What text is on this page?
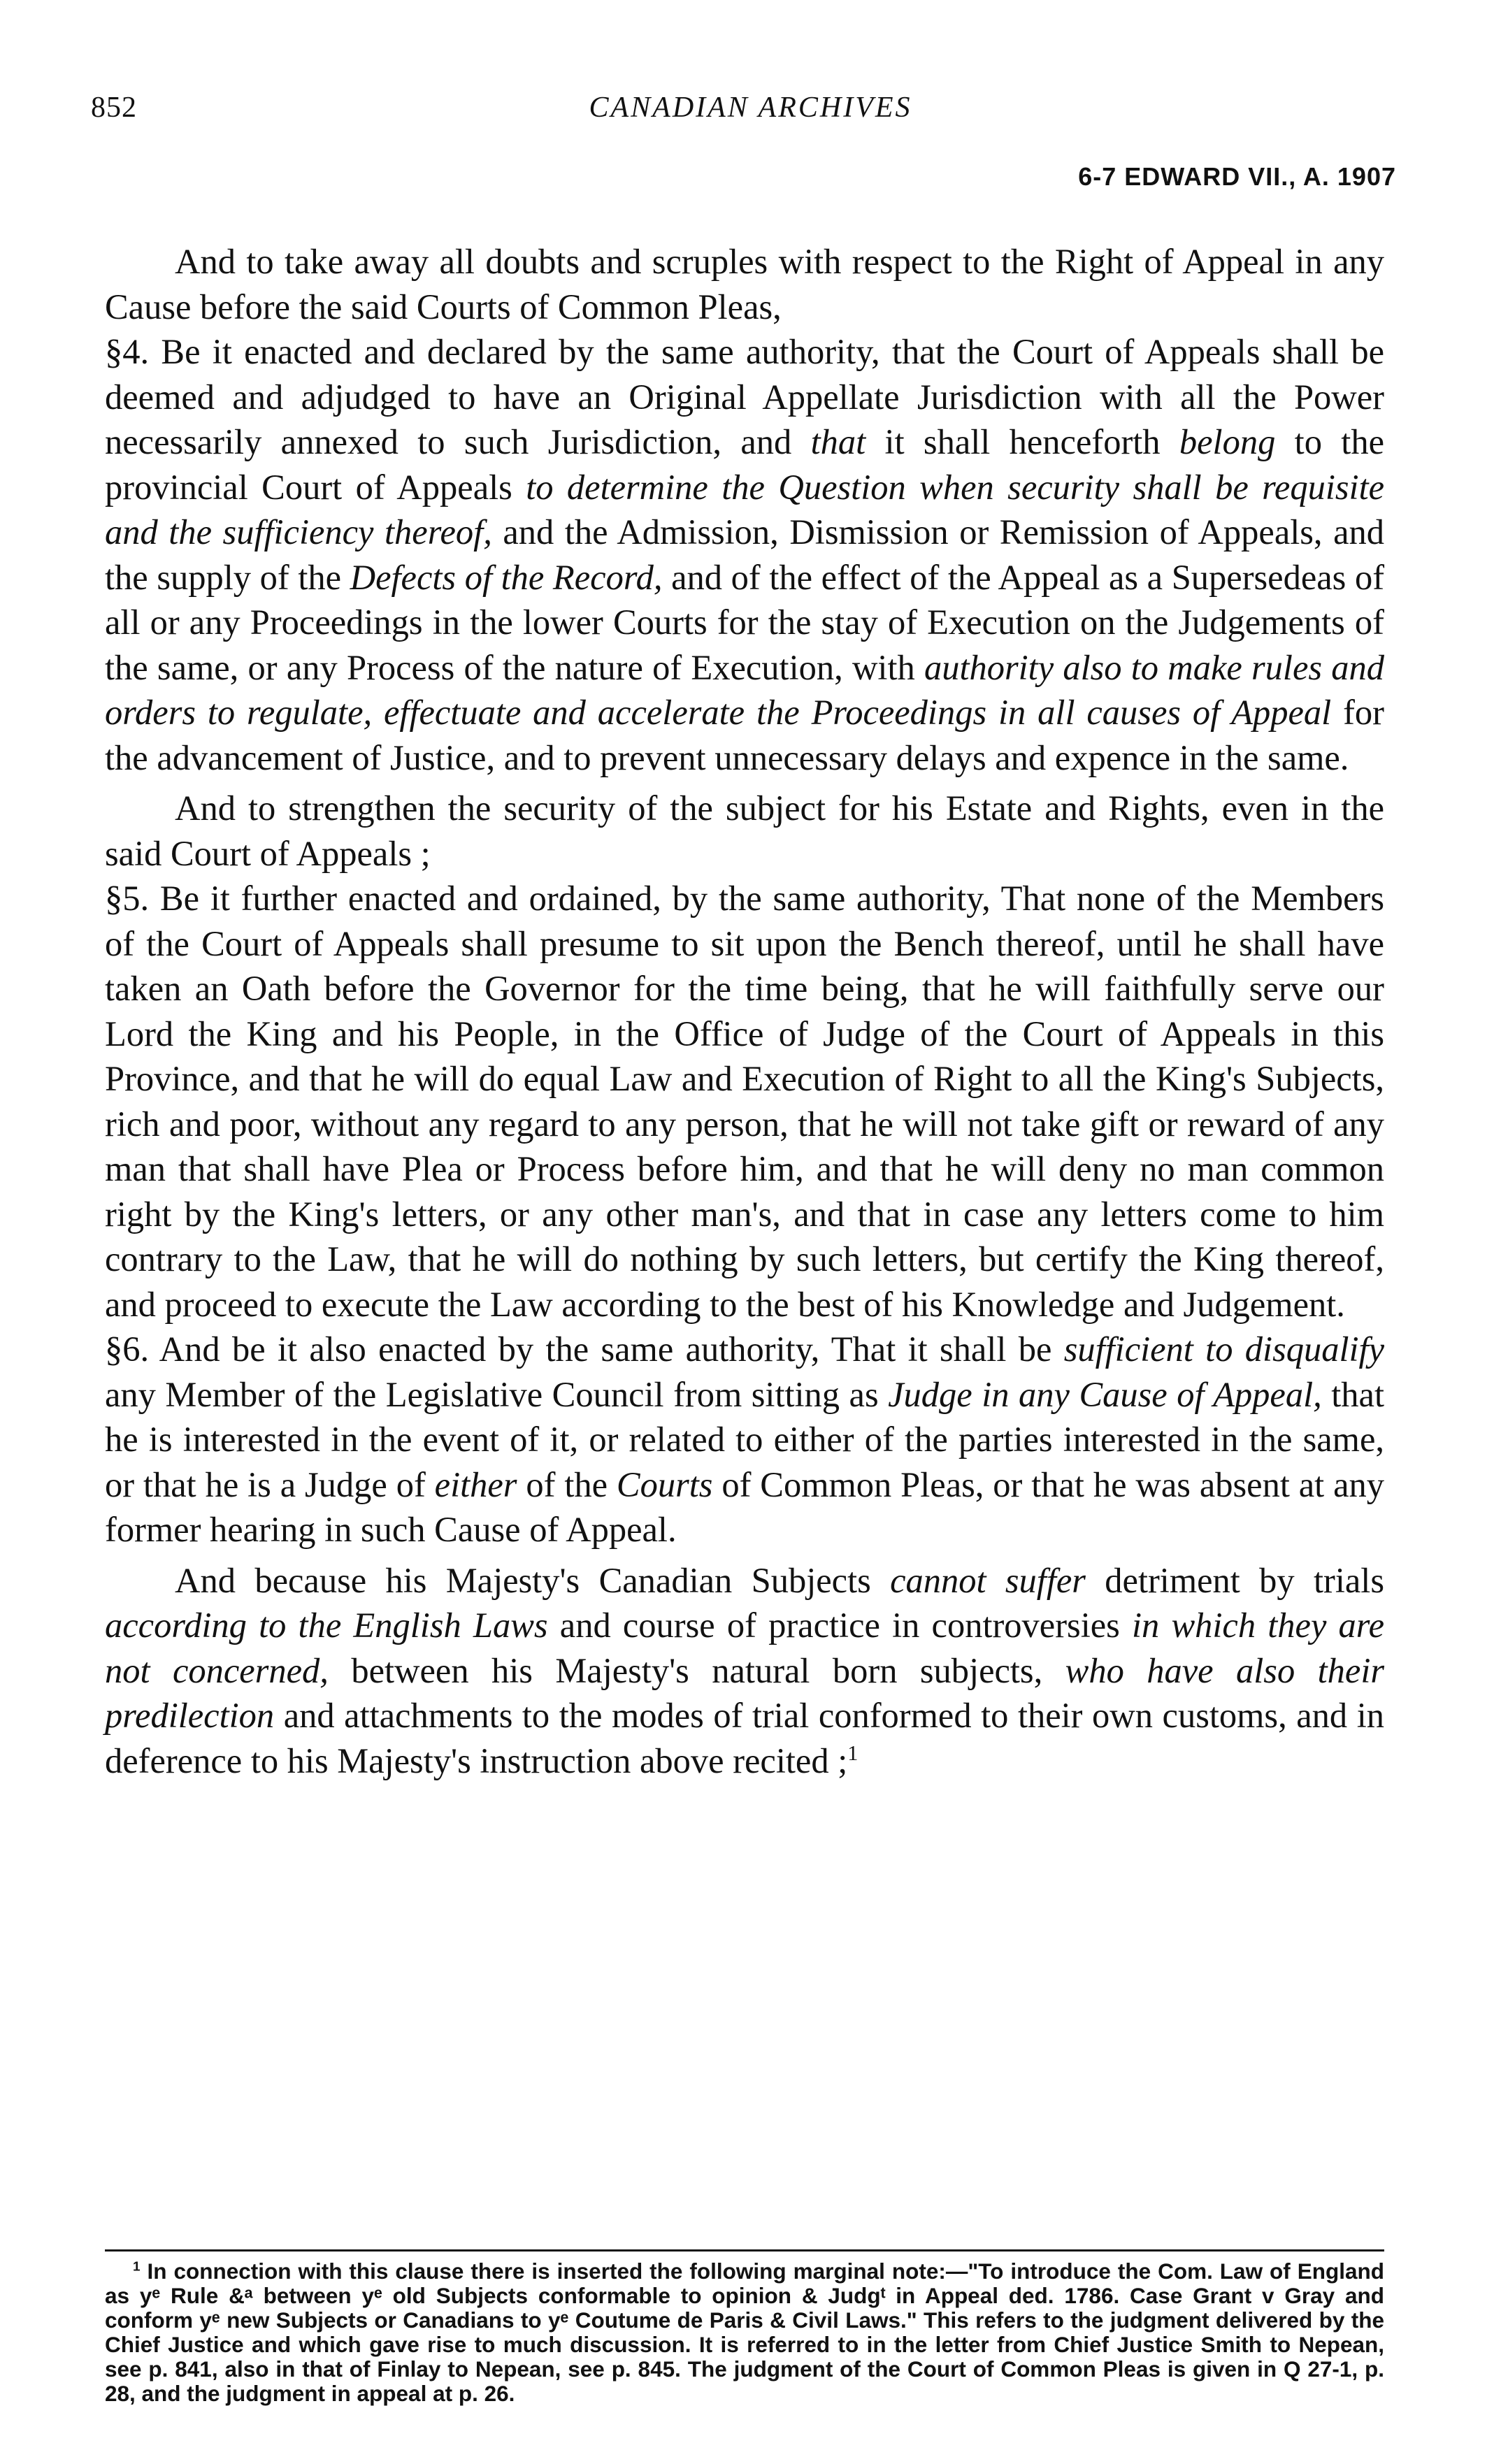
852	CANADIAN ARCHIVES
6-7 EDWARD VII., A. 1907

And to take away all doubts and scruples with respect to the Right of Appeal in any Cause before the said Courts of Common Pleas,

§4. Be it enacted and declared by the same authority, that the Court of Appeals shall be deemed and adjudged to have an Original Appellate Jurisdiction with all the Power necessarily annexed to such Jurisdiction, and that it shall henceforth belong to the provincial Court of Appeals to determine the Question when security shall be requisite and the sufficiency thereof, and the Admission, Dismission or Remission of Appeals, and the supply of the Defects of the Record, and of the effect of the Appeal as a Supersedeas of all or any Proceedings in the lower Courts for the stay of Execution on the Judgements of the same, or any Process of the nature of Execution, with authority also to make rules and orders to regulate, effectuate and accelerate the Proceedings in all causes of Appeal for the advancement of Justice, and to prevent unnecessary delays and expence in the same.

And to strengthen the security of the subject for his Estate and Rights, even in the said Court of Appeals ;

§5. Be it further enacted and ordained, by the same authority, That none of the Members of the Court of Appeals shall presume to sit upon the Bench thereof, until he shall have taken an Oath before the Governor for the time being, that he will faithfully serve our Lord the King and his People, in the Office of Judge of the Court of Appeals in this Province, and that he will do equal Law and Execution of Right to all the King's Subjects, rich and poor, without any regard to any person, that he will not take gift or reward of any man that shall have Plea or Process before him, and that he will deny no man common right by the King's letters, or any other man's, and that in case any letters come to him contrary to the Law, that he will do nothing by such letters, but certify the King thereof, and proceed to execute the Law according to the best of his Knowledge and Judgement.

§6. And be it also enacted by the same authority, That it shall be sufficient to disqualify any Member of the Legislative Council from sitting as Judge in any Cause of Appeal, that he is interested in the event of it, or related to either of the parties interested in the same, or that he is a Judge of either of the Courts of Common Pleas, or that he was absent at any former hearing in such Cause of Appeal.

And because his Majesty's Canadian Subjects cannot suffer detriment by trials according to the English Laws and course of practice in controversies in which they are not concerned, between his Majesty's natural born subjects, who have also their predilection and attachments to the modes of trial conformed to their own customs, and in deference to his Majesty's instruction above recited ;$^1$

$^1$ In connection with this clause there is inserted the following marginal note:—"To introduce the Com. Law of England as yᵉ Rule &ᵃ between yᵉ old Subjects conformable to opinion & Judgᵗ in Appeal ded. 1786. Case Grant v Gray and conform yᵉ new Subjects or Canadians to yᵉ Coutume de Paris & Civil Laws." This refers to the judgment delivered by the Chief Justice and which gave rise to much discussion. It is referred to in the letter from Chief Justice Smith to Nepean, see p. 841, also in that of Finlay to Nepean, see p. 845. The judgment of the Court of Common Pleas is given in Q 27-1, p. 28, and the judgment in appeal at p. 26.
